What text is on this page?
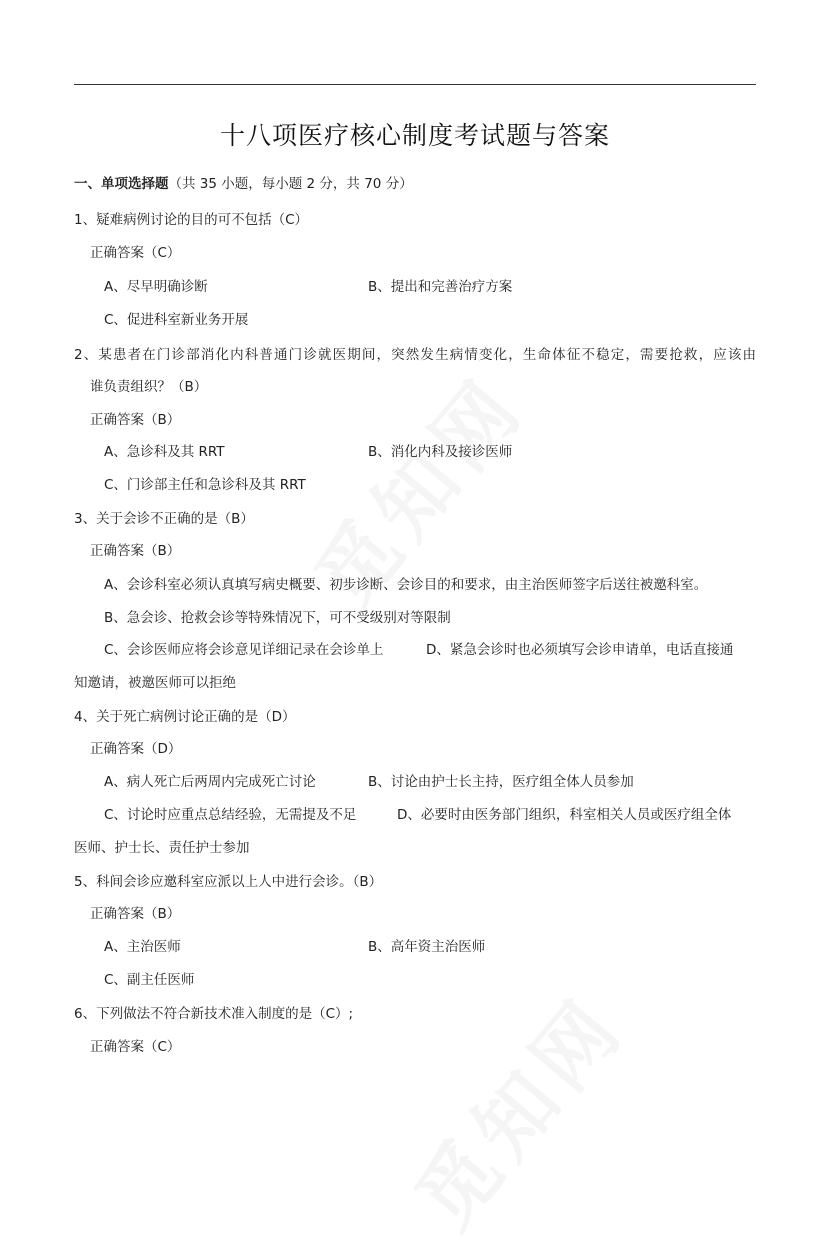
十八项医疗核心制度考试题与答案
一、单项选择题（共 35 小题，每小题 2 分，共 70 分）
1、疑难病例讨论的目的可不包括（C）
正确答案（C）
A、尽早明确诊断	B、提出和完善治疗方案
C、促进科室新业务开展
2、某患者在门诊部消化内科普通门诊就医期间，突然发生病情变化，生命体征不稳定，需要抢救，应该由
谁负责组织？（B）
正确答案（B）
A、急诊科及其 RRT	B、消化内科及接诊医师
C、门诊部主任和急诊科及其 RRT
3、关于会诊不正确的是（B）
正确答案（B）
A、会诊科室必须认真填写病史概要、初步诊断、会诊目的和要求，由主治医师签字后送往被邀科室。
B、急会诊、抢救会诊等特殊情况下，可不受级别对等限制
C、会诊医师应将会诊意见详细记录在会诊单上	D、紧急会诊时也必须填写会诊申请单，电话直接通
知邀请，被邀医师可以拒绝
4、关于死亡病例讨论正确的是（D）
正确答案（D）
A、病人死亡后两周内完成死亡讨论	B、讨论由护士长主持，医疗组全体人员参加
C、讨论时应重点总结经验，无需提及不足	D、必要时由医务部门组织，科室相关人员或医疗组全体
医师、护士长、责任护士参加
5、科间会诊应邀科室应派以上人中进行会诊。（B）
正确答案（B）
A、主治医师	B、高年资主治医师
C、副主任医师
6、下列做法不符合新技术准入制度的是（C）;
正确答案（C）
